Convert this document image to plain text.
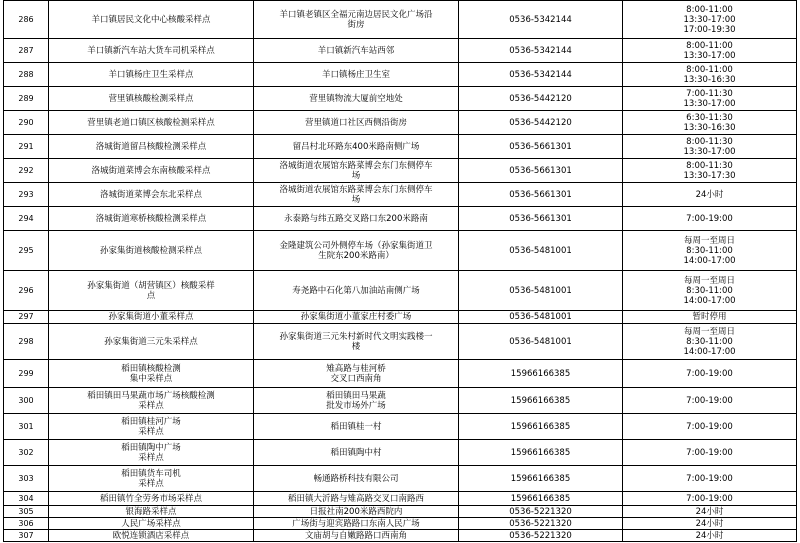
286	羊口镇居民文化中心核酸采样点	羊口镇老镇区全福元南边居民文化广场沿
街房	0536-5342144	8:00-11:00
13:30-17:00
17:00-19:30

287	羊口镇新汽车站大货车司机采样点	羊口镇新汽车站西邻	0536-5342144	8:00-11:00
13:30-17:00

288	羊口镇杨庄卫生采样点	羊口镇杨庄卫生室	0536-5342144	8:00-11:00
13:30-16:30

289	营里镇核酸检测采样点	营里镇物流大厦前空地处	0536-5442120	7:00-11:30
13:30-17:00

290	营里镇老道口镇区核酸检测采样点	营里镇道口社区西侧沿街房	0536-5442120	6:30-11:30
13:30-16:30

291	洛城街道留吕核酸检测采样点	留吕村北环路东400米路南侧广场	0536-5661301	8:00-11:30
13:30-17:00

292	洛城街道菜博会东南核酸采样点	洛城街道农展馆东路菜博会东门东侧停车
场	0536-5661301	8:00-11:30
13:30-17:30

293	洛城街道菜博会东北采样点	洛城街道农展馆东路菜博会东门东侧停车
场	0536-5661301	24小时

294	洛城街道寒桥核酸检测采样点	永泰路与纬五路交叉路口东200米路南	0536-5661301	7:00-19:00

295	孙家集街道核酸检测采样点	金隆建筑公司外侧停车场（孙家集街道卫
生院东200米路南）	0536-5481001	每周一至周日
8:30-11:00
14:00-17:00

296	孙家集街道（胡营镇区）核酸采样
点	寿尧路中石化第八加油站南侧广场	0536-5481001	每周一至周日
8:30-11:00
14:00-17:00

297	孙家集街道小董采样点	孙家集街道小董家庄村委广场	0536-5481001	暂时停用

298	孙家集街道三元朱采样点	孙家集街道三元朱村新时代文明实践楼一
楼	0536-5481001	每周一至周日
8:30-11:00
14:00-17:00

299	稻田镇核酸检测
集中采样点	雉高路与桂河桥
交叉口西南角	15966166385	7:00-19:00

300	稻田镇田马果蔬市场广场核酸检测
采样点	稻田镇田马果蔬
批发市场外广场	15966166385	7:00-19:00

301	稻田镇桂河广场
采样点	稻田镇桂一村	15966166385	7:00-19:00

302	稻田镇陶中广场
采样点	稻田镇陶中村	15966166385	7:00-19:00

303	稻田镇货车司机
采样点	畅通路桥科技有限公司	15966166385	7:00-19:00

304	稻田镇竹全劳务市场采样点	稻田镇大沂路与雉高路交叉口南路西	15966166385	7:00-19:00

305	银海路采样点	日报社南200米路西院内	0536-5221320	24小时

306	人民广场采样点	广场街与迎宾路路口东南人民广场	0536-5221320	24小时

307	欧悦连锁酒店采样点	文庙胡与自嫩路路口西南角	0536-5221320	24小时
